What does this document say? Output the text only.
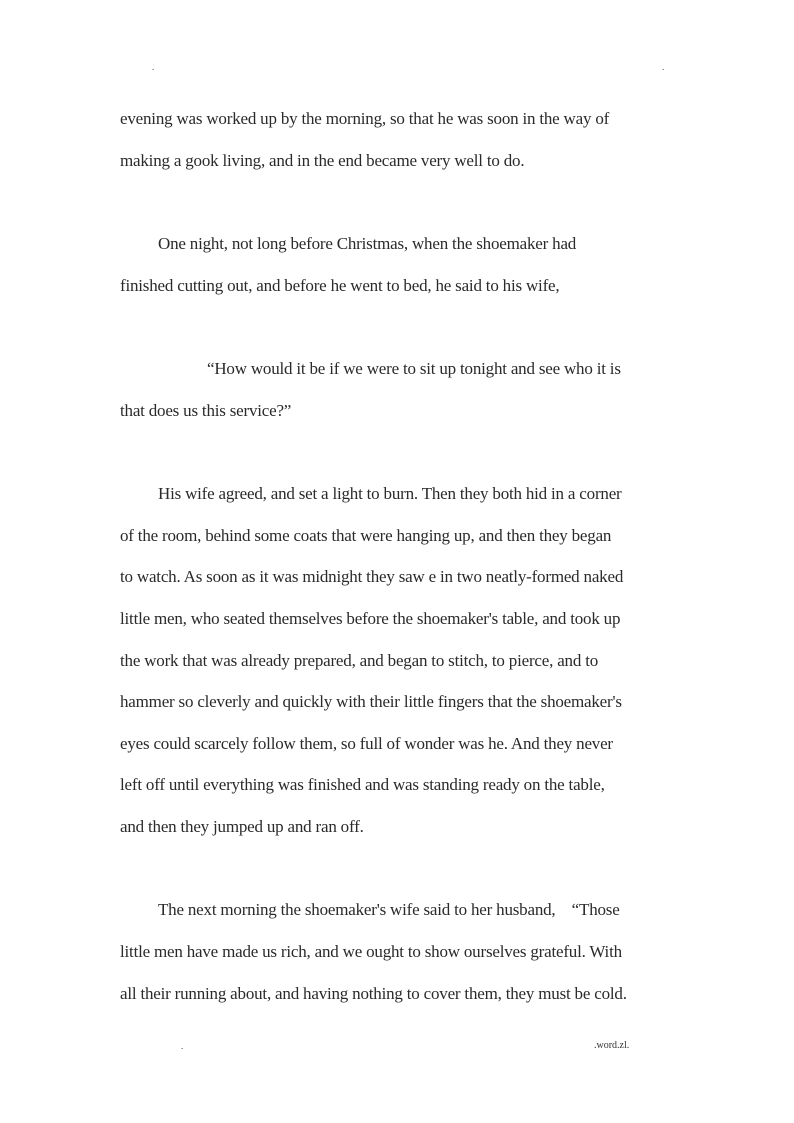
.	.
evening was worked up by the morning, so that he was soon in the way of
making a gook living, and in the end became very well to do.
One night, not long before Christmas, when the shoemaker had
finished cutting out, and before he went to bed, he said to his wife,
“How would it be if we were to sit up tonight and see who it is
that does us this service?”
His wife agreed, and set a light to burn. Then they both hid in a corner
of the room, behind some coats that were hanging up, and then they began
to watch. As soon as it was midnight they saw e in two neatly-formed naked
little men, who seated themselves before the shoemaker's table, and took up
the work that was already prepared, and began to stitch, to pierce, and to
hammer so cleverly and quickly with their little fingers that the shoemaker's
eyes could scarcely follow them, so full of wonder was he. And they never
left off until everything was finished and was standing ready on the table,
and then they jumped up and ran off.
The next morning the shoemaker's wife said to her husband,    “Those
little men have made us rich, and we ought to show ourselves grateful. With
all their running about, and having nothing to cover them, they must be cold.
.	.word.zl.
